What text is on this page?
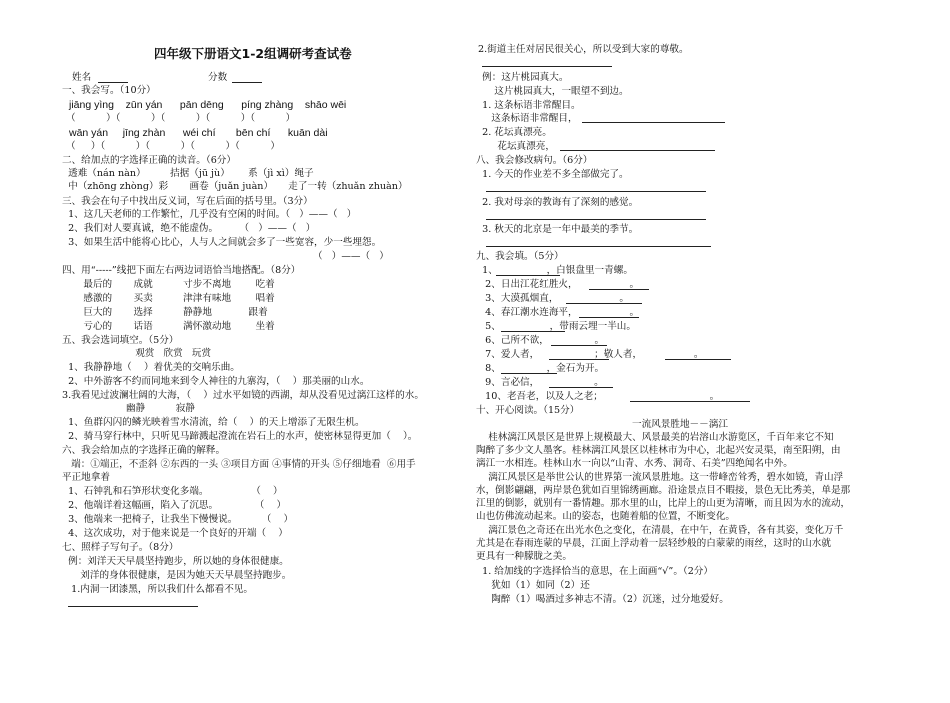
四年级下册语文1-2组调研考查试卷
姓名	分数
一、我会写。（10分）
jiāng yìng    zūn yán      pān dēng      píng zhàng    shāo wēi
（          ）（          ）（          ）（          ）（          ）
wān yán     jīng zhàn      wéi chí       bēn chí      kuān dài
（     ）（          ）（          ）（          ）（          ）
二、给加点的字选择正确的读音。（6分）
透难（nán nàn）        拮据（jū jù）      系（jì xì）绳子
中（zhōng zhòng）彩       画卷（juǎn juàn）     走了一转（zhuǎn zhuàn）
三、我会在句子中找出反义词，写在后面的括号里。（3分）
1、这几天老师的工作繁忙，几乎没有空闲的时间。（   ）——（   ）
2、我们对人要真诚，绝不能虚伪。       （   ）——（   ）
3、如果生活中能将心比心，人与人之间就会多了一些宽容，少一些埋怨。
（   ）——（   ）
四、用“-----”线把下面左右两边词语恰当地搭配。（8分）
最后的       成就          寸步不离地        吃着
感激的       买卖          津津有味地        唱着
巨大的       选择          静静地            跟着
亏心的       话语          满怀激动地        坐着
五、我会选词填空。（5分）
观赏   欣赏   玩赏
1、我静静地（    ）着优美的交响乐曲。
2、中外游客不约而同地来到令人神往的九寨沟，（    ）那美丽的山水。
3.我看见过波澜壮阔的大海，（    ）过水平如镜的西湖，却从没看见过漓江这样的水。
幽静          寂静
1、鱼群闪闪的鳞光映着雪水清流，给（    ）的天上增添了无限生机。
2、骑马穿行林中，只听见马蹄溅起澄流在岩石上的水声，使密林显得更加（    ）。
六、我会给加点的字选择正确的解释。
端：①端正，不歪斜 ②东西的一头 ③项目方面 ④事情的开头 ⑤仔细地看  ⑥用手
平正地拿着
1、石钟乳和石笋形状变化多端。              （    ）
2、他端详着这幅画，陷入了沉思。            （    ）
3、他端来一把椅子，让我坐下慢慢说。        （    ）
4、这次成功，对于他来说是一个良好的开端（    ）
七、照样子写句子。（8分）
例：刘洋天天早晨坚持跑步，所以她的身体很健康。
刘洋的身体很健康，是因为她天天早晨坚持跑步。
1.内洞一团漆黑，所以我们什么都看不见。
2.街道主任对居民很关心，所以受到大家的尊敬。
例：这片桃园真大。
这片桃园真大，一眼望不到边。
1. 这条标语非常醒目。
这条标语非常醒目，
2. 花坛真漂亮。
花坛真漂亮，
八、我会修改病句。（6分）
1. 今天的作业差不多全部做完了。
2. 我对母亲的教诲有了深刻的感觉。
3. 秋天的北京是一年中最美的季节。
九、我会填。（5分）
1、                ，白银盘里一青螺。
2、日出江花红胜火，                 。
3、大漠孤烟直，                    。
4、春江潮水连海平，                 。
5、                ，带雨云埋一半山。
6、己所不欲，               。
7、爱人者，                  ；敬人者，                 。
8、               ，金石为开。
9、言必信，                  。
10、老吾老，以及人之老；                                   。
十、开心阅读。（15分）
一流风景胜地－－漓江
桂林漓江风景区是世界上规模最大、风景最美的岩溶山水游览区，千百年来它不知
陶醉了多少文人墨客。桂林漓江风景区以桂林市为中心，北起兴安灵渠，南至阳朔，由
漓江一水相连。桂林山水一向以“山青、水秀、洞奇、石美”四绝闻名中外。
漓江风景区是举世公认的世界第一流风景胜地。这一带峰峦耸秀，碧水如镜，青山浮
水，倒影翩翩，两岸景色犹如百里锦绣画廊。沿途景点目不暇接，景色无比秀美，单是那
江里的倒影，就别有一番情趣。那水里的山，比岸上的山更为清晰，而且因为水的流动，
山也仿佛流动起来。山的姿态，也随着船的位置，不断变化。
漓江景色之奇还在出光水色之变化，在清晨，在中午，在黄昏，各有其姿，变化万千
尤其是在春雨连蒙的早晨，江面上浮动着一层轻纱般的白蒙蒙的雨丝，这时的山水就
更具有一种朦胧之美。
1. 给加线的字选择恰当的意思，在上面画“√”。（2分）
犹如（1）如同（2）还
陶醉（1）喝酒过多神志不清。（2）沉迷，过分地爱好。
